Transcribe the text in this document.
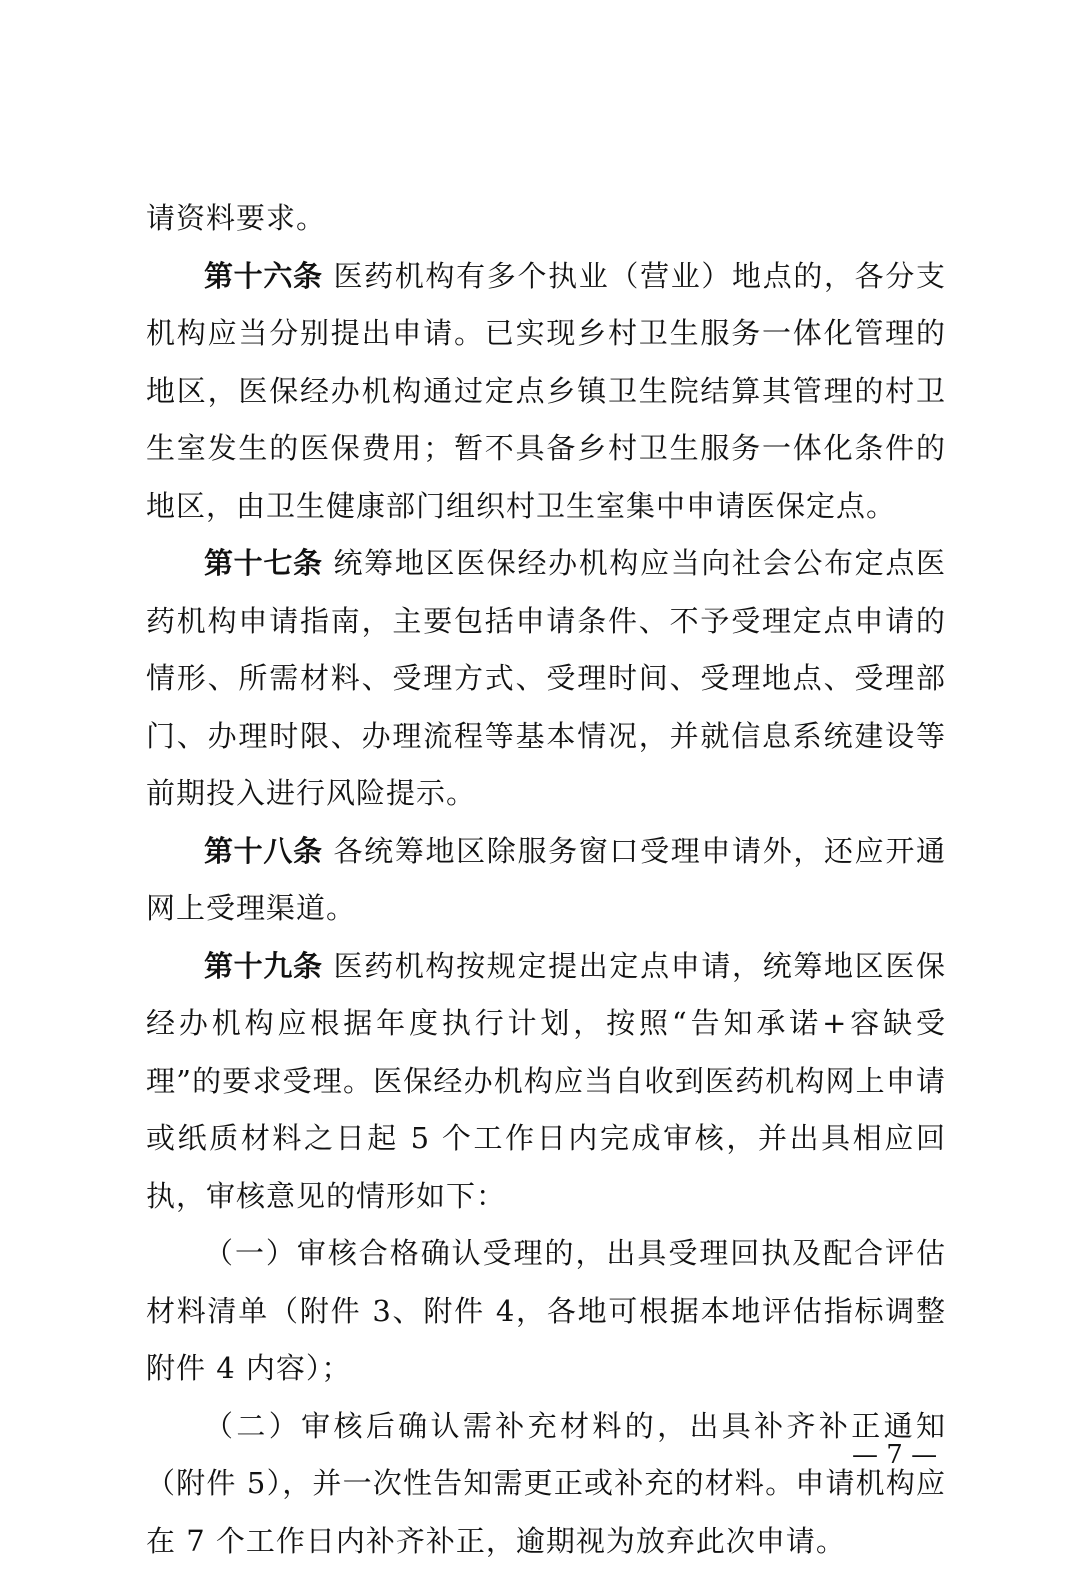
请资料要求。

第十六条 医药机构有多个执业（营业）地点的，各分支机构应当分别提出申请。已实现乡村卫生服务一体化管理的地区，医保经办机构通过定点乡镇卫生院结算其管理的村卫生室发生的医保费用；暂不具备乡村卫生服务一体化条件的地区，由卫生健康部门组织村卫生室集中申请医保定点。

第十七条 统筹地区医保经办机构应当向社会公布定点医药机构申请指南，主要包括申请条件、不予受理定点申请的情形、所需材料、受理方式、受理时间、受理地点、受理部门、办理时限、办理流程等基本情况，并就信息系统建设等前期投入进行风险提示。

第十八条 各统筹地区除服务窗口受理申请外，还应开通网上受理渠道。

第十九条 医药机构按规定提出定点申请，统筹地区医保经办机构应根据年度执行计划，按照“告知承诺+容缺受理”的要求受理。医保经办机构应当自收到医药机构网上申请或纸质材料之日起 5 个工作日内完成审核，并出具相应回执，审核意见的情形如下：

（一）审核合格确认受理的，出具受理回执及配合评估材料清单（附件 3、附件 4，各地可根据本地评估指标调整附件 4 内容）；

（二）审核后确认需补充材料的，出具补齐补正通知（附件 5），并一次性告知需更正或补充的材料。申请机构应在 7 个工作日内补齐补正，逾期视为放弃此次申请。

— 7 —
